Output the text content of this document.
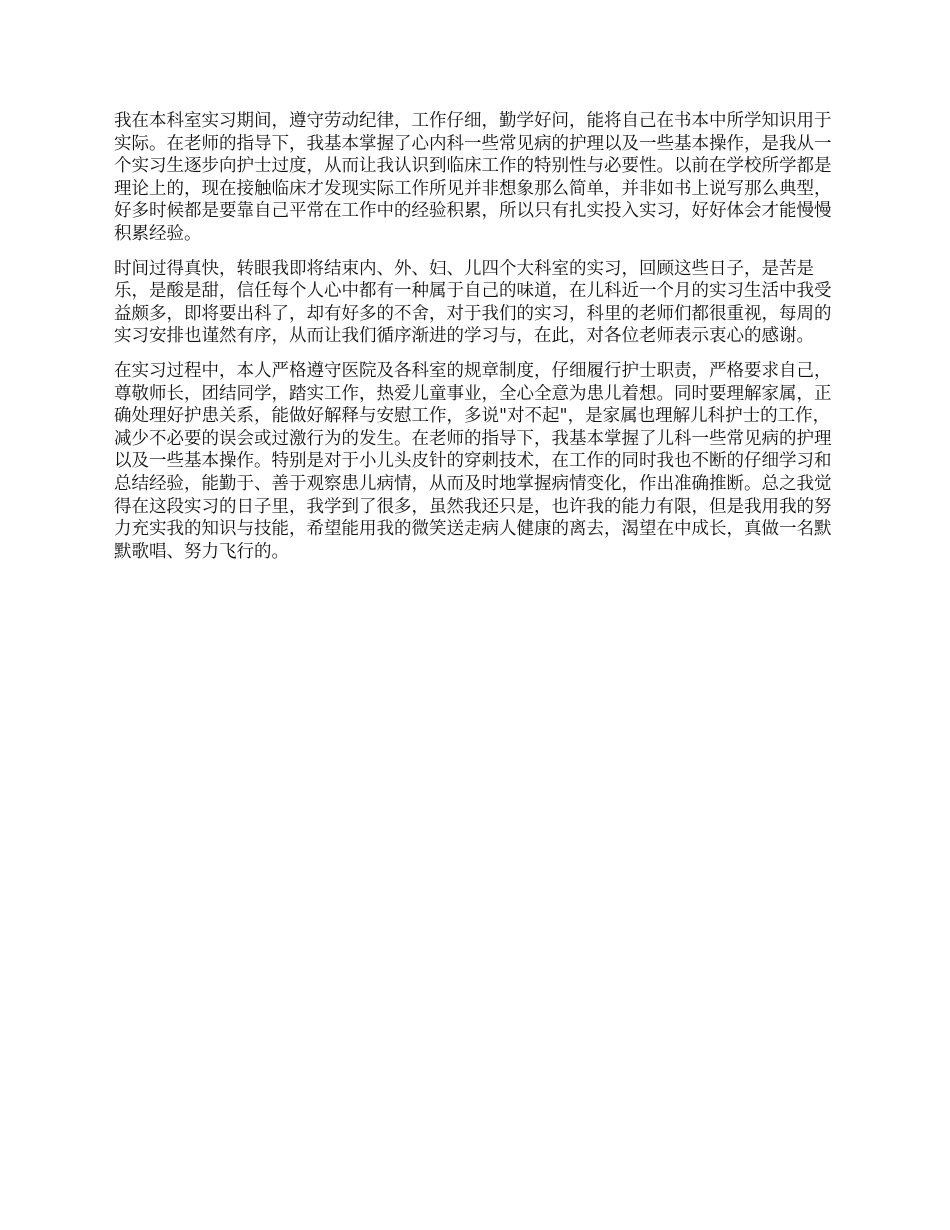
我在本科室实习期间，遵守劳动纪律，工作仔细，勤学好问，能将自己在书本中所学知识用于实际。在老师的指导下，我基本掌握了心内科一些常见病的护理以及一些基本操作，是我从一个实习生逐步向护士过度，从而让我认识到临床工作的特别性与必要性。以前在学校所学都是理论上的，现在接触临床才发现实际工作所见并非想象那么简单，并非如书上说写那么典型，好多时候都是要靠自己平常在工作中的经验积累，所以只有扎实投入实习，好好体会才能慢慢积累经验。

时间过得真快，转眼我即将结束内、外、妇、儿四个大科室的实习，回顾这些日子，是苦是乐，是酸是甜，信任每个人心中都有一种属于自己的味道，在儿科近一个月的实习生活中我受益颇多，即将要出科了，却有好多的不舍，对于我们的实习，科里的老师们都很重视，每周的实习安排也谨然有序，从而让我们循序渐进的学习与，在此，对各位老师表示衷心的感谢。

在实习过程中，本人严格遵守医院及各科室的规章制度，仔细履行护士职责，严格要求自己，尊敬师长，团结同学，踏实工作，热爱儿童事业，全心全意为患儿着想。同时要理解家属，正确处理好护患关系，能做好解释与安慰工作，多说"对不起"，是家属也理解儿科护士的工作，减少不必要的误会或过激行为的发生。在老师的指导下，我基本掌握了儿科一些常见病的护理以及一些基本操作。特别是对于小儿头皮针的穿刺技术，在工作的同时我也不断的仔细学习和总结经验，能勤于、善于观察患儿病情，从而及时地掌握病情变化，作出准确推断。总之我觉得在这段实习的日子里，我学到了很多，虽然我还只是，也许我的能力有限，但是我用我的努力充实我的知识与技能，希望能用我的微笑送走病人健康的离去，渴望在中成长，真做一名默默歌唱、努力飞行的。
